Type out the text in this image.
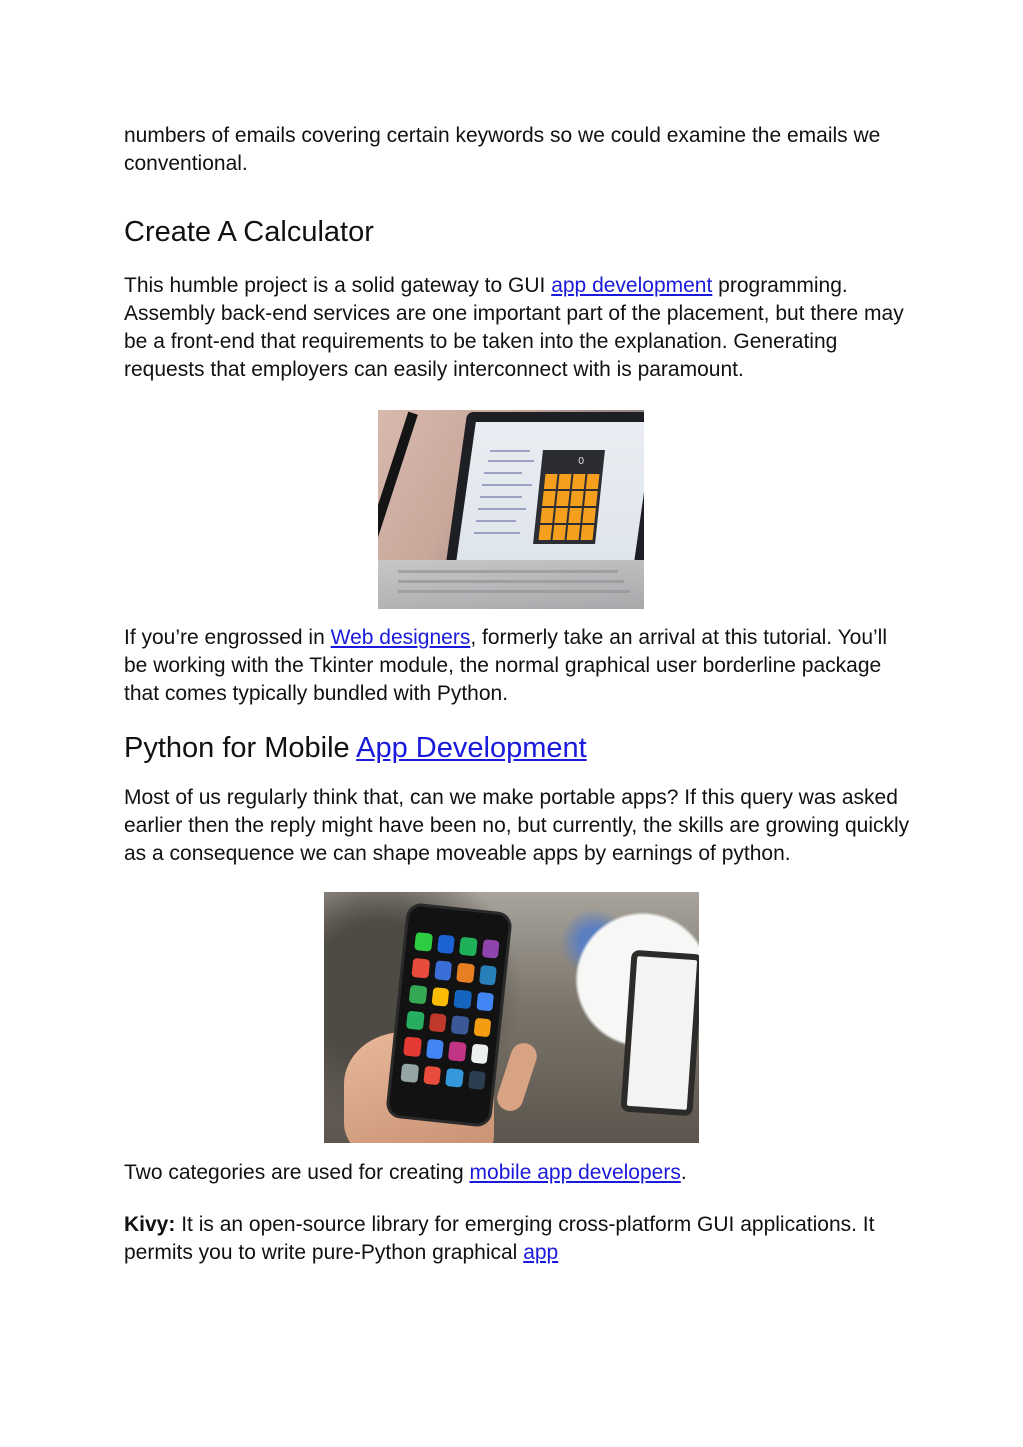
numbers of emails covering certain keywords so we could examine the emails we conventional.

Create A Calculator

This humble project is a solid gateway to GUI app development programming. Assembly back-end services are one important part of the placement, but there may be a front-end that requirements to be taken into the explanation. Generating requests that employers can easily interconnect with is paramount.

0

If you’re engrossed in Web designers, formerly take an arrival at this tutorial. You’ll be working with the Tkinter module, the normal graphical user borderline package that comes typically bundled with Python.

Python for Mobile App Development

Most of us regularly think that, can we make portable apps? If this query was asked earlier then the reply might have been no, but currently, the skills are growing quickly as a consequence we can shape moveable apps by earnings of python.

Two categories are used for creating mobile app developers.

Kivy: It is an open-source library for emerging cross-platform GUI applications. It permits you to write pure-Python graphical app
